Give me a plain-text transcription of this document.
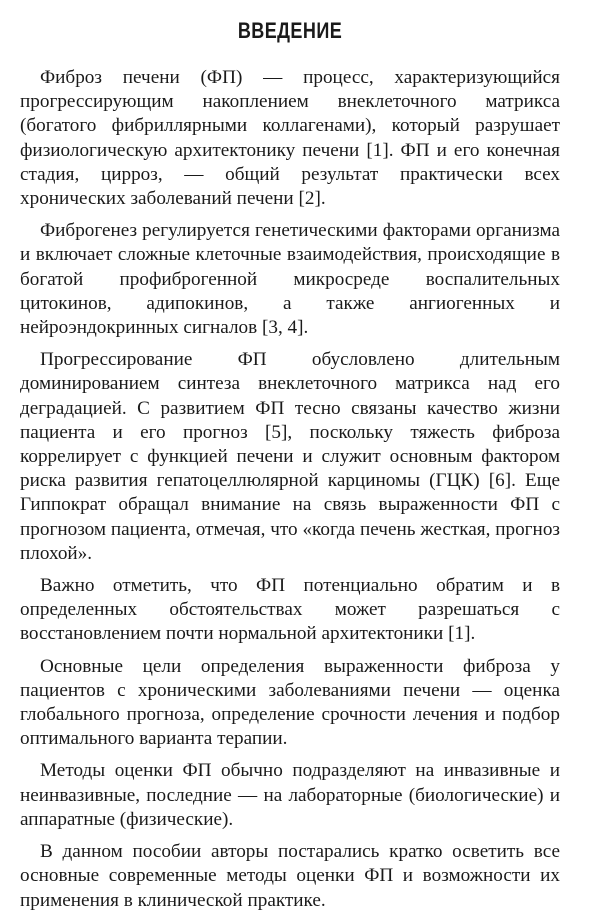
ВВЕДЕНИЕ

Фиброз печени (ФП) — процесс, характеризующийся прогрессирующим накоплением внеклеточного матрикса (богатого фибриллярными коллагенами), который разрушает физиологическую архитектонику печени [1]. ФП и его конечная стадия, цирроз, — общий результат практически всех хронических заболеваний печени [2].

Фиброгенез регулируется генетическими факторами организма и включает сложные клеточные взаимодействия, происходящие в богатой профиброгенной микросреде воспалительных цитокинов, адипокинов, а также ангиогенных и нейроэндокринных сигналов [3, 4].

Прогрессирование ФП обусловлено длительным доминированием синтеза внеклеточного матрикса над его деградацией. С развитием ФП тесно связаны качество жизни пациента и его прогноз [5], поскольку тяжесть фиброза коррелирует с функцией печени и служит основным фактором риска развития гепатоцеллюлярной карциномы (ГЦК) [6]. Еще Гиппократ обращал внимание на связь выраженности ФП с прогнозом пациента, отмечая, что «когда печень жесткая, прогноз плохой».

Важно отметить, что ФП потенциально обратим и в определенных обстоятельствах может разрешаться с восстановлением почти нормальной архитектоники [1].

Основные цели определения выраженности фиброза у пациентов с хроническими заболеваниями печени — оценка глобального прогноза, определение срочности лечения и подбор оптимального варианта терапии.

Методы оценки ФП обычно подразделяют на инвазивные и неинвазивные, последние — на лабораторные (биологические) и аппаратные (физические).

В данном пособии авторы постарались кратко осветить все основные современные методы оценки ФП и возможности их применения в клинической практике.
